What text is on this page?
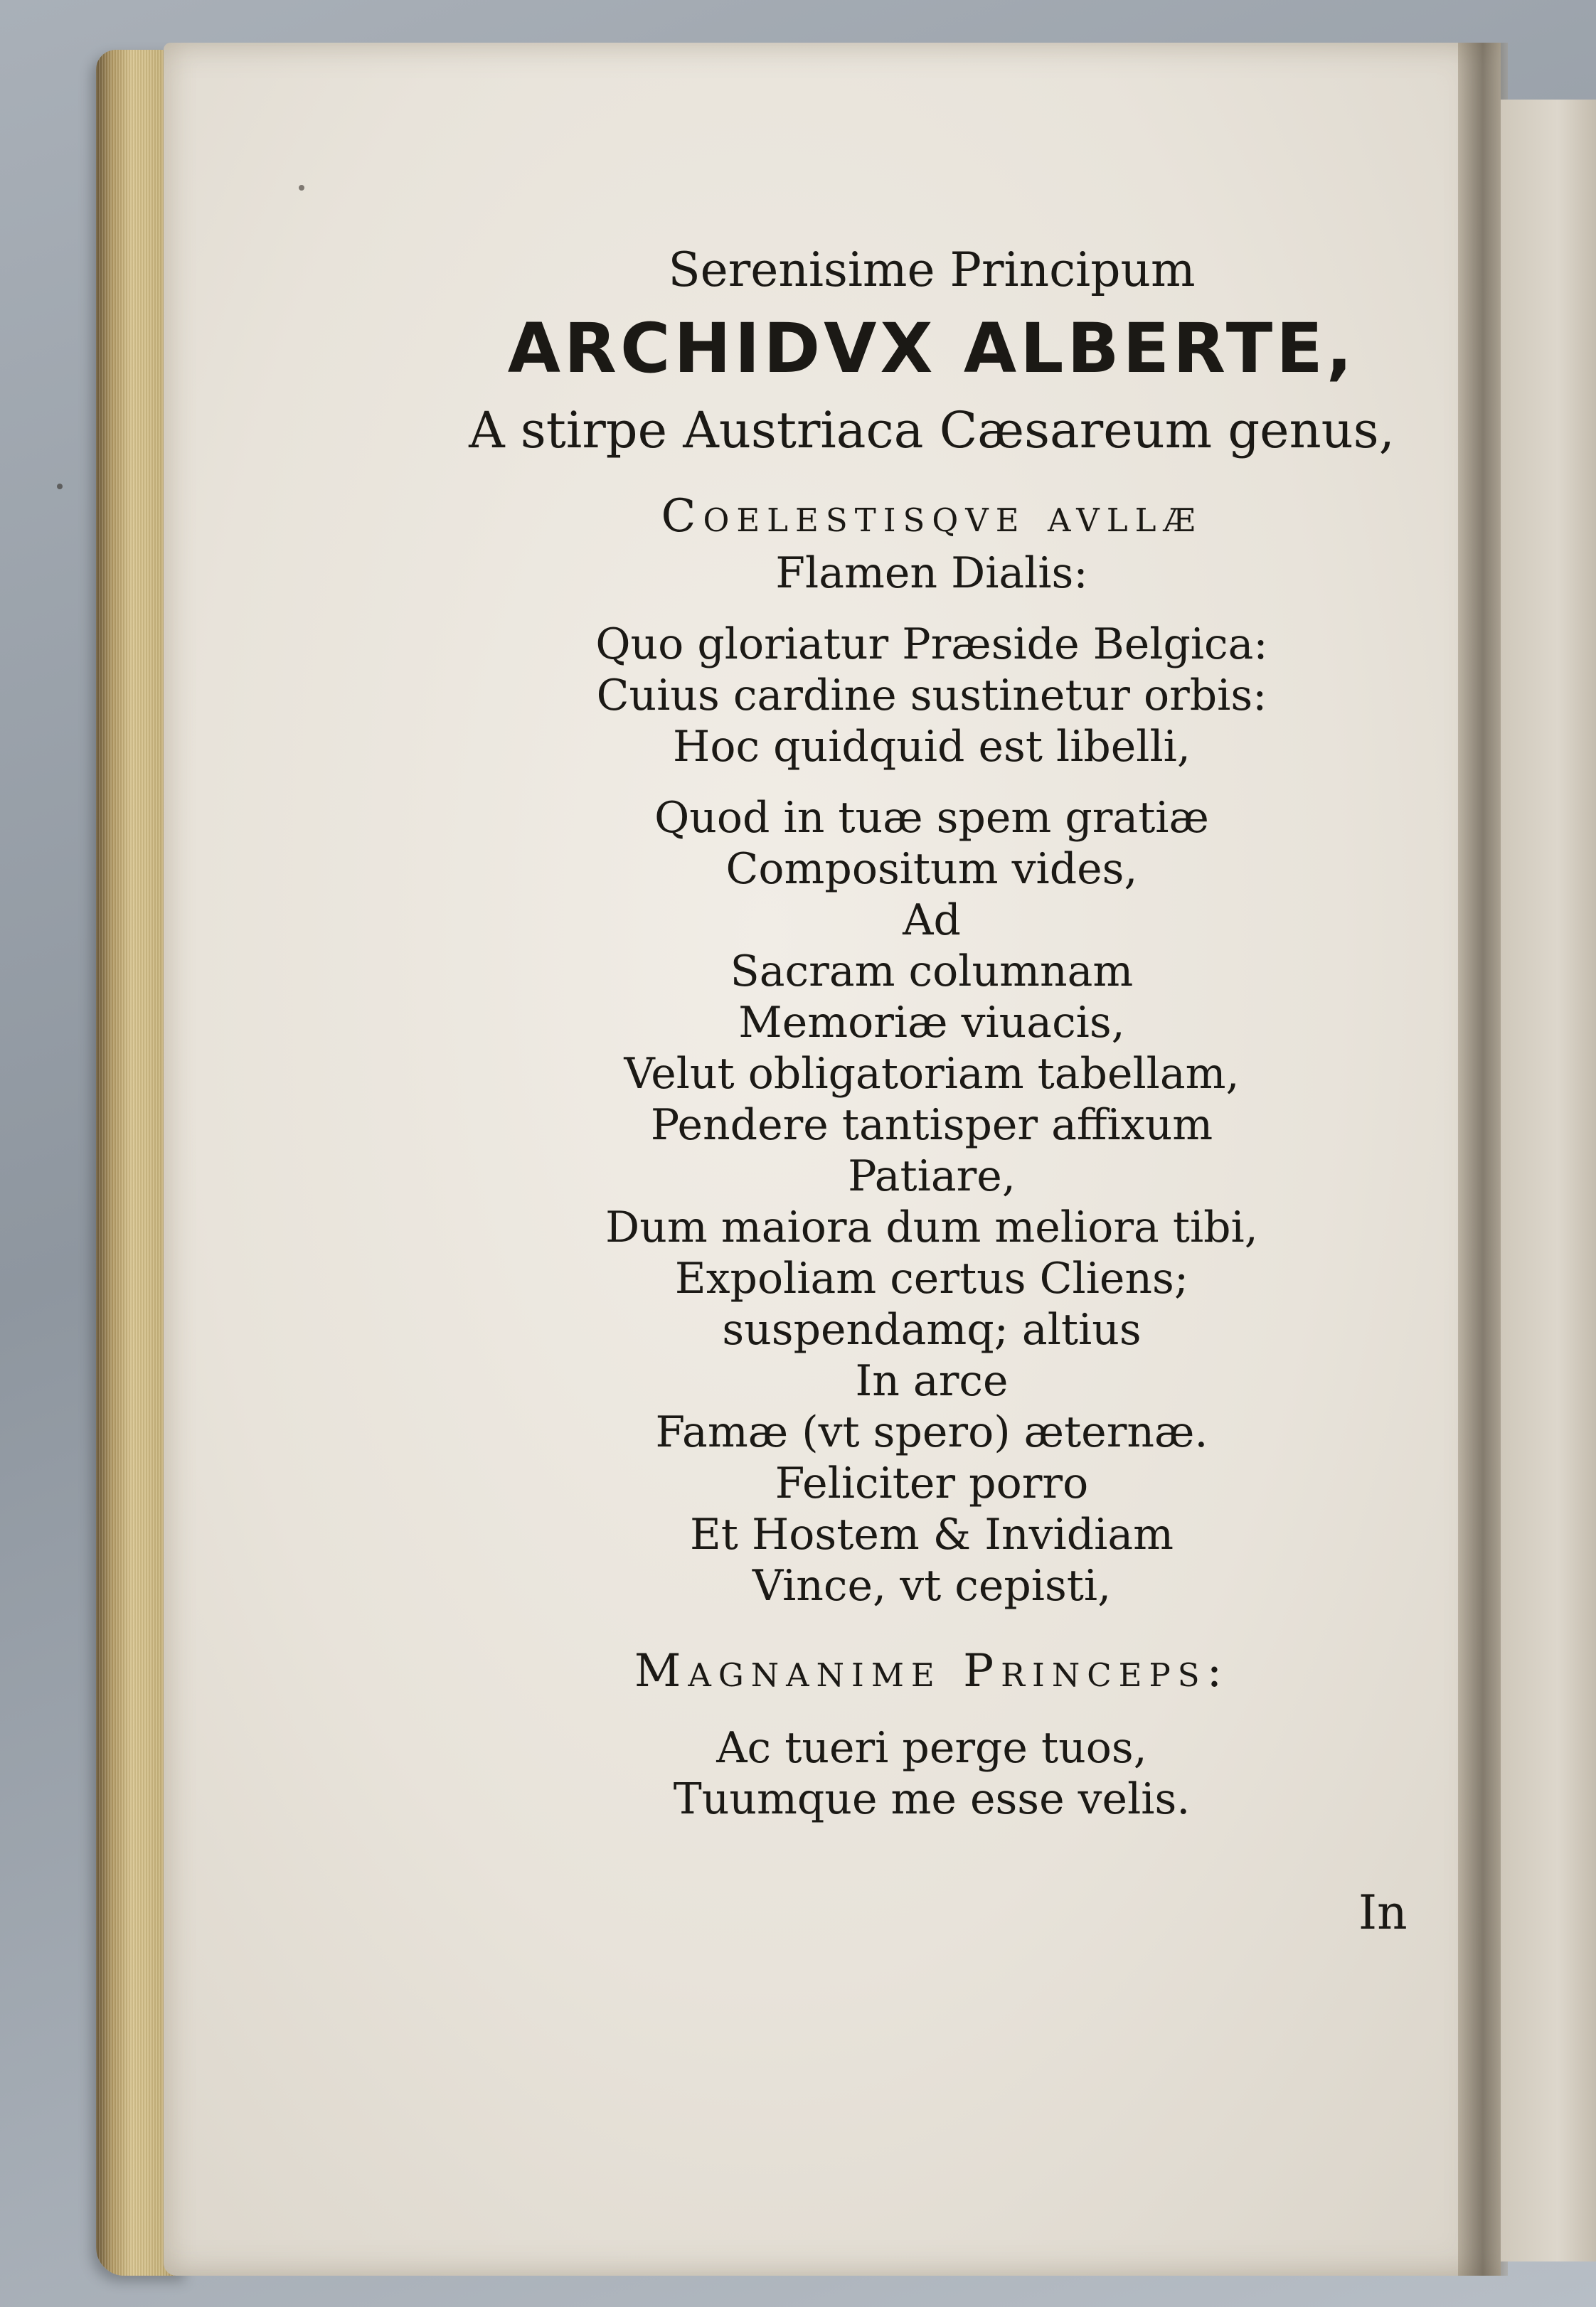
Serenisime Principum
ARCHIDVX ALBERTE,
A stirpe Austriaca Cæsareum genus,
Coelestisqve avllæ
Flamen Dialis:
Quo gloriatur Præside Belgica:
Cuius cardine sustinetur orbis:
Hoc quidquid est libelli,
Quod in tuæ spem gratiæ
Compositum vides,
Ad
Sacram columnam
Memoriæ viuacis,
Velut obligatoriam tabellam,
Pendere tantisper affixum
Patiare,
Dum maiora dum meliora tibi,
Expoliam certus Cliens;
suspendamq; altius
In arce
Famæ (vt spero) æternæ.
Feliciter porro
Et Hostem & Invidiam
Vince, vt cepisti,
Magnanime Princeps:
Ac tueri perge tuos,
Tuumque me esse velis.
In
